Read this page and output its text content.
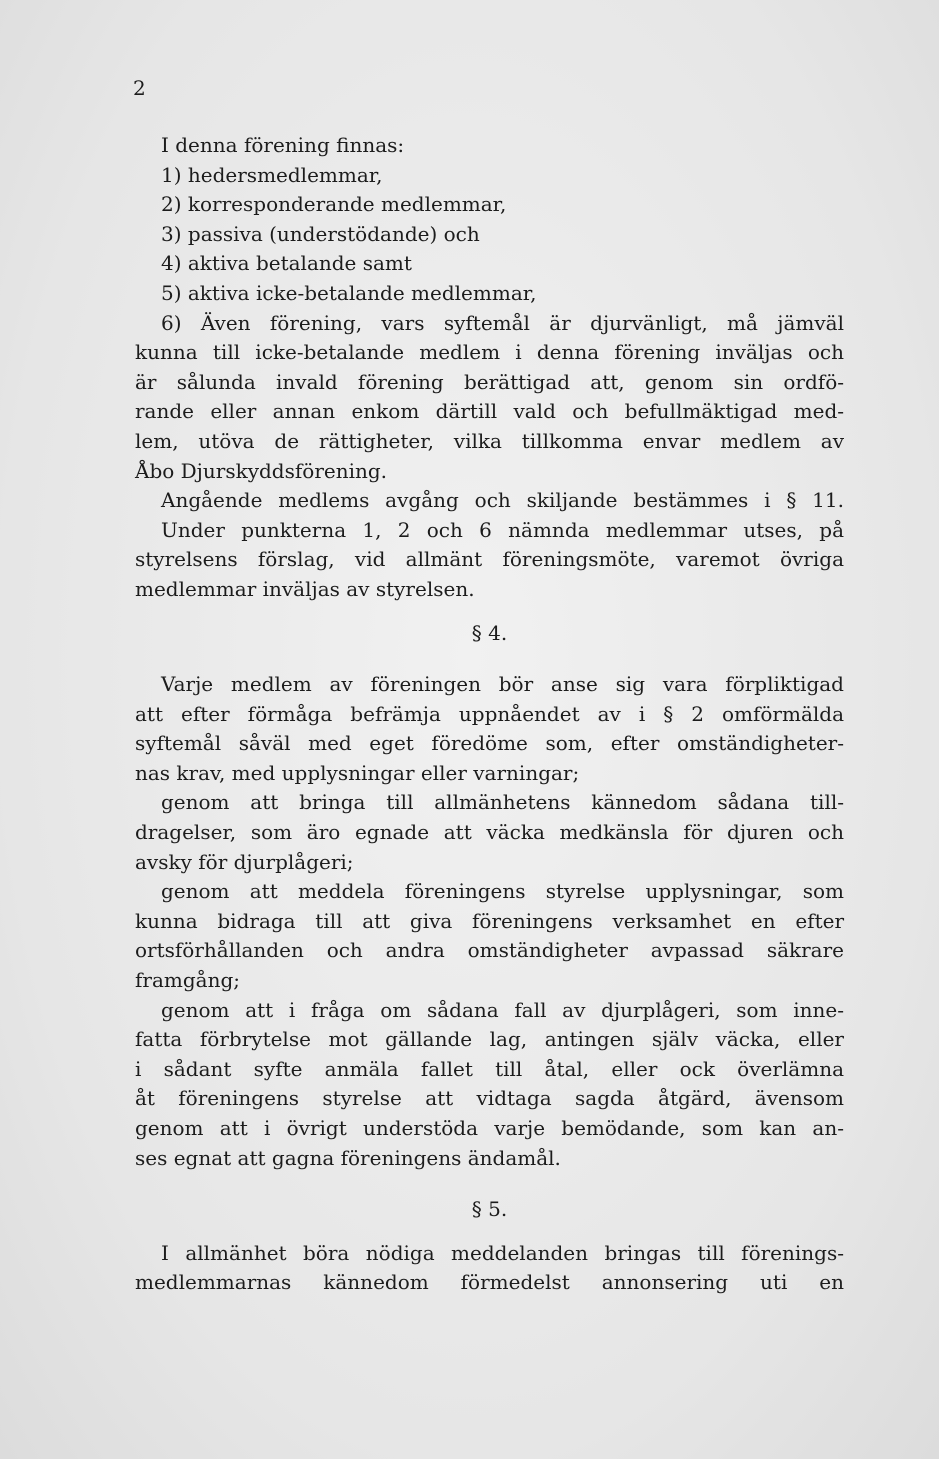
2
I denna förening finnas:
1) hedersmedlemmar,
2) korresponderande medlemmar,
3) passiva (understödande) och
4) aktiva betalande samt
5) aktiva icke-betalande medlemmar,
6) Även förening, vars syftemål är djurvänligt, må jämväl
kunna till icke-betalande medlem i denna förening inväljas och
är sålunda invald förening berättigad att, genom sin ordfö-
rande eller annan enkom därtill vald och befullmäktigad med-
lem, utöva de rättigheter, vilka tillkomma envar medlem av
Åbo Djurskyddsförening.
Angående medlems avgång och skiljande bestämmes i § 11.
Under punkterna 1, 2 och 6 nämnda medlemmar utses, på
styrelsens förslag, vid allmänt föreningsmöte, varemot övriga
medlemmar inväljas av styrelsen.
§ 4.
Varje medlem av föreningen bör anse sig vara förpliktigad
att efter förmåga befrämja uppnåendet av i § 2 omförmälda
syftemål såväl med eget föredöme som, efter omständigheter-
nas krav, med upplysningar eller varningar;
genom att bringa till allmänhetens kännedom sådana till-
dragelser, som äro egnade att väcka medkänsla för djuren och
avsky för djurplågeri;
genom att meddela föreningens styrelse upplysningar, som
kunna bidraga till att giva föreningens verksamhet en efter
ortsförhållanden och andra omständigheter avpassad säkrare
framgång;
genom att i fråga om sådana fall av djurplågeri, som inne-
fatta förbrytelse mot gällande lag, antingen själv väcka, eller
i sådant syfte anmäla fallet till åtal, eller ock överlämna
åt föreningens styrelse att vidtaga sagda åtgärd, ävensom
genom att i övrigt understöda varje bemödande, som kan an-
ses egnat att gagna föreningens ändamål.
§ 5.
I allmänhet böra nödiga meddelanden bringas till förenings-
medlemmarnas kännedom förmedelst annonsering uti en
